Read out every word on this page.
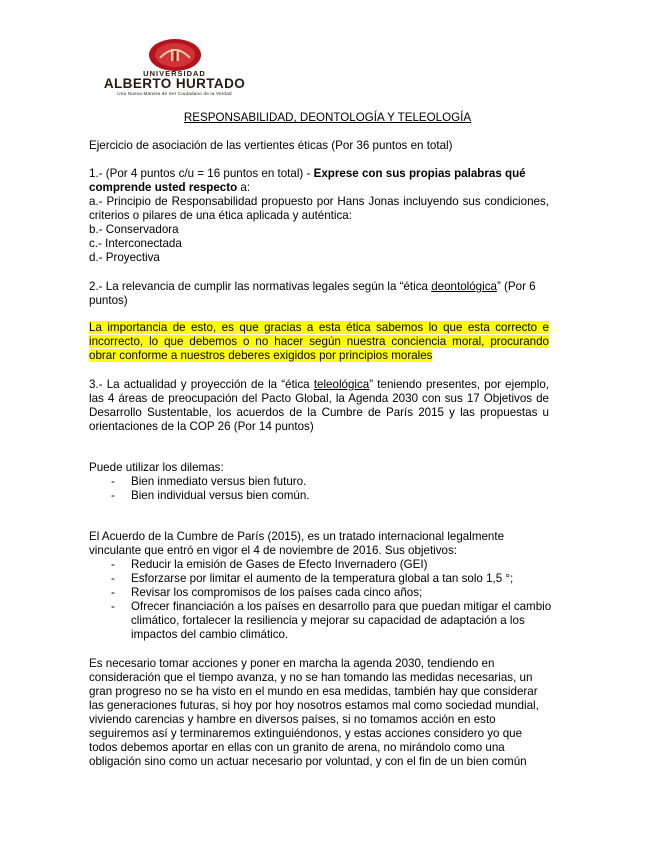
UNIVERSIDAD
ALBERTO HURTADO
Una Nueva Manera de Ser Ciudadano de la Verdad
RESPONSABILIDAD, DEONTOLOGÍA Y TELEOLOGÍA
Ejercicio de asociación de las vertientes éticas (Por 36 puntos en total)
1.- (Por 4 puntos c/u = 16 puntos en total) - Exprese con sus propias palabras qué comprende usted respecto a:
a.- Principio de Responsabilidad propuesto por Hans Jonas incluyendo sus condiciones, criterios o pilares de una ética aplicada y auténtica:
b.- Conservadora
c.- Interconectada
d.- Proyectiva
2.- La relevancia de cumplir las normativas legales según la “ética deontológica” (Por 6 puntos)
La importancia de esto, es que gracias a esta ética sabemos lo que esta correcto e incorrecto, lo que debemos o no hacer según nuestra conciencia moral, procurando obrar conforme a nuestros deberes exigidos por principios morales
3.- La actualidad y proyección de la “ética teleológica” teniendo presentes, por ejemplo, las 4 áreas de preocupación del Pacto Global, la Agenda 2030 con sus 17 Objetivos de Desarrollo Sustentable, los acuerdos de la Cumbre de París 2015 y las propuestas u orientaciones de la COP 26 (Por 14 puntos)
Puede utilizar los dilemas:
- Bien inmediato versus bien futuro.
- Bien individual versus bien común.
El Acuerdo de la Cumbre de París (2015), es un tratado internacional legalmente vinculante que entró en vigor el 4 de noviembre de 2016. Sus objetivos:
- Reducir la emisión de Gases de Efecto Invernadero (GEI)
- Esforzarse por limitar el aumento de la temperatura global a tan solo 1,5 °;
- Revisar los compromisos de los países cada cinco años;
- Ofrecer financiación a los países en desarrollo para que puedan mitigar el cambio climático, fortalecer la resiliencia y mejorar su capacidad de adaptación a los impactos del cambio climático.
Es necesario tomar acciones y poner en marcha la agenda 2030, tendiendo en consideración que el tiempo avanza, y no se han tomando las medidas necesarias, un gran progreso no se ha visto en el mundo en esa medidas, también hay que considerar las generaciones futuras, si hoy por hoy nosotros estamos mal como sociedad mundial, viviendo carencias y hambre en diversos países, si no tomamos acción en esto seguiremos así y terminaremos extinguiéndonos, y estas acciones considero yo que todos debemos aportar en ellas con un granito de arena, no mirándolo como una obligación sino como un actuar necesario por voluntad, y con el fin de un bien común
